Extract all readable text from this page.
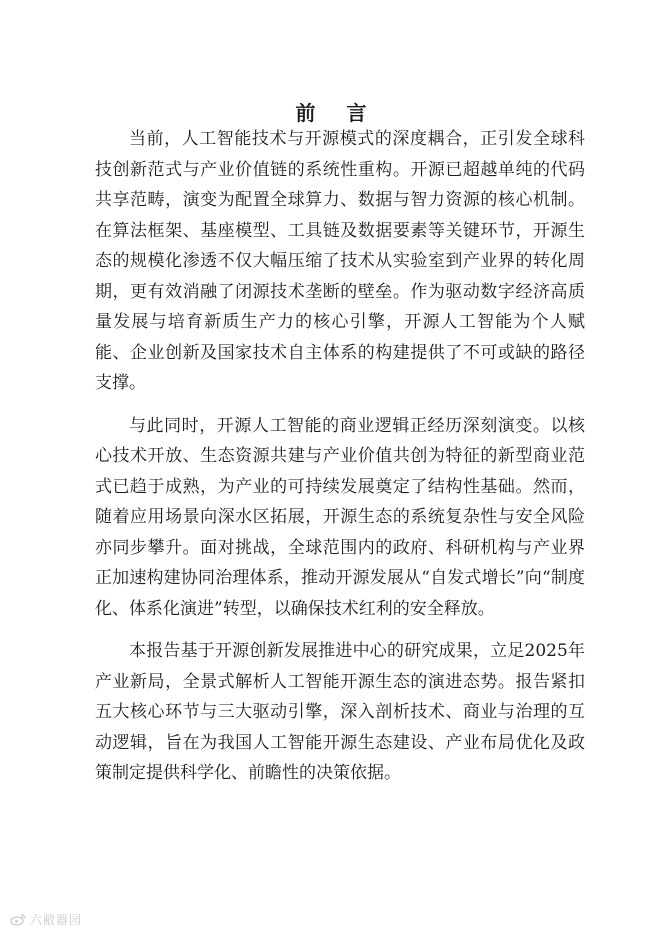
前 言

当前，人工智能技术与开源模式的深度耦合，正引发全球科技创新范式与产业价值链的系统性重构。开源已超越单纯的代码共享范畴，演变为配置全球算力、数据与智力资源的核心机制。在算法框架、基座模型、工具链及数据要素等关键环节，开源生态的规模化渗透不仅大幅压缩了技术从实验室到产业界的转化周期，更有效消融了闭源技术垄断的壁垒。作为驱动数字经济高质量发展与培育新质生产力的核心引擎，开源人工智能为个人赋能、企业创新及国家技术自主体系的构建提供了不可或缺的路径支撑。

与此同时，开源人工智能的商业逻辑正经历深刻演变。以核心技术开放、生态资源共建与产业价值共创为特征的新型商业范式已趋于成熟，为产业的可持续发展奠定了结构性基础。然而，随着应用场景向深水区拓展，开源生态的系统复杂性与安全风险亦同步攀升。面对挑战，全球范围内的政府、科研机构与产业界正加速构建协同治理体系，推动开源发展从“自发式增长”向“制度化、体系化演进”转型，以确保技术红利的安全释放。

本报告基于开源创新发展推进中心的研究成果，立足2025年产业新局，全景式解析人工智能开源生态的演进态势。报告紧扣五大核心环节与三大驱动引擎，深入剖析技术、商业与治理的互动逻辑，旨在为我国人工智能开源生态建设、产业布局优化及政策制定提供科学化、前瞻性的决策依据。

六敝器园
